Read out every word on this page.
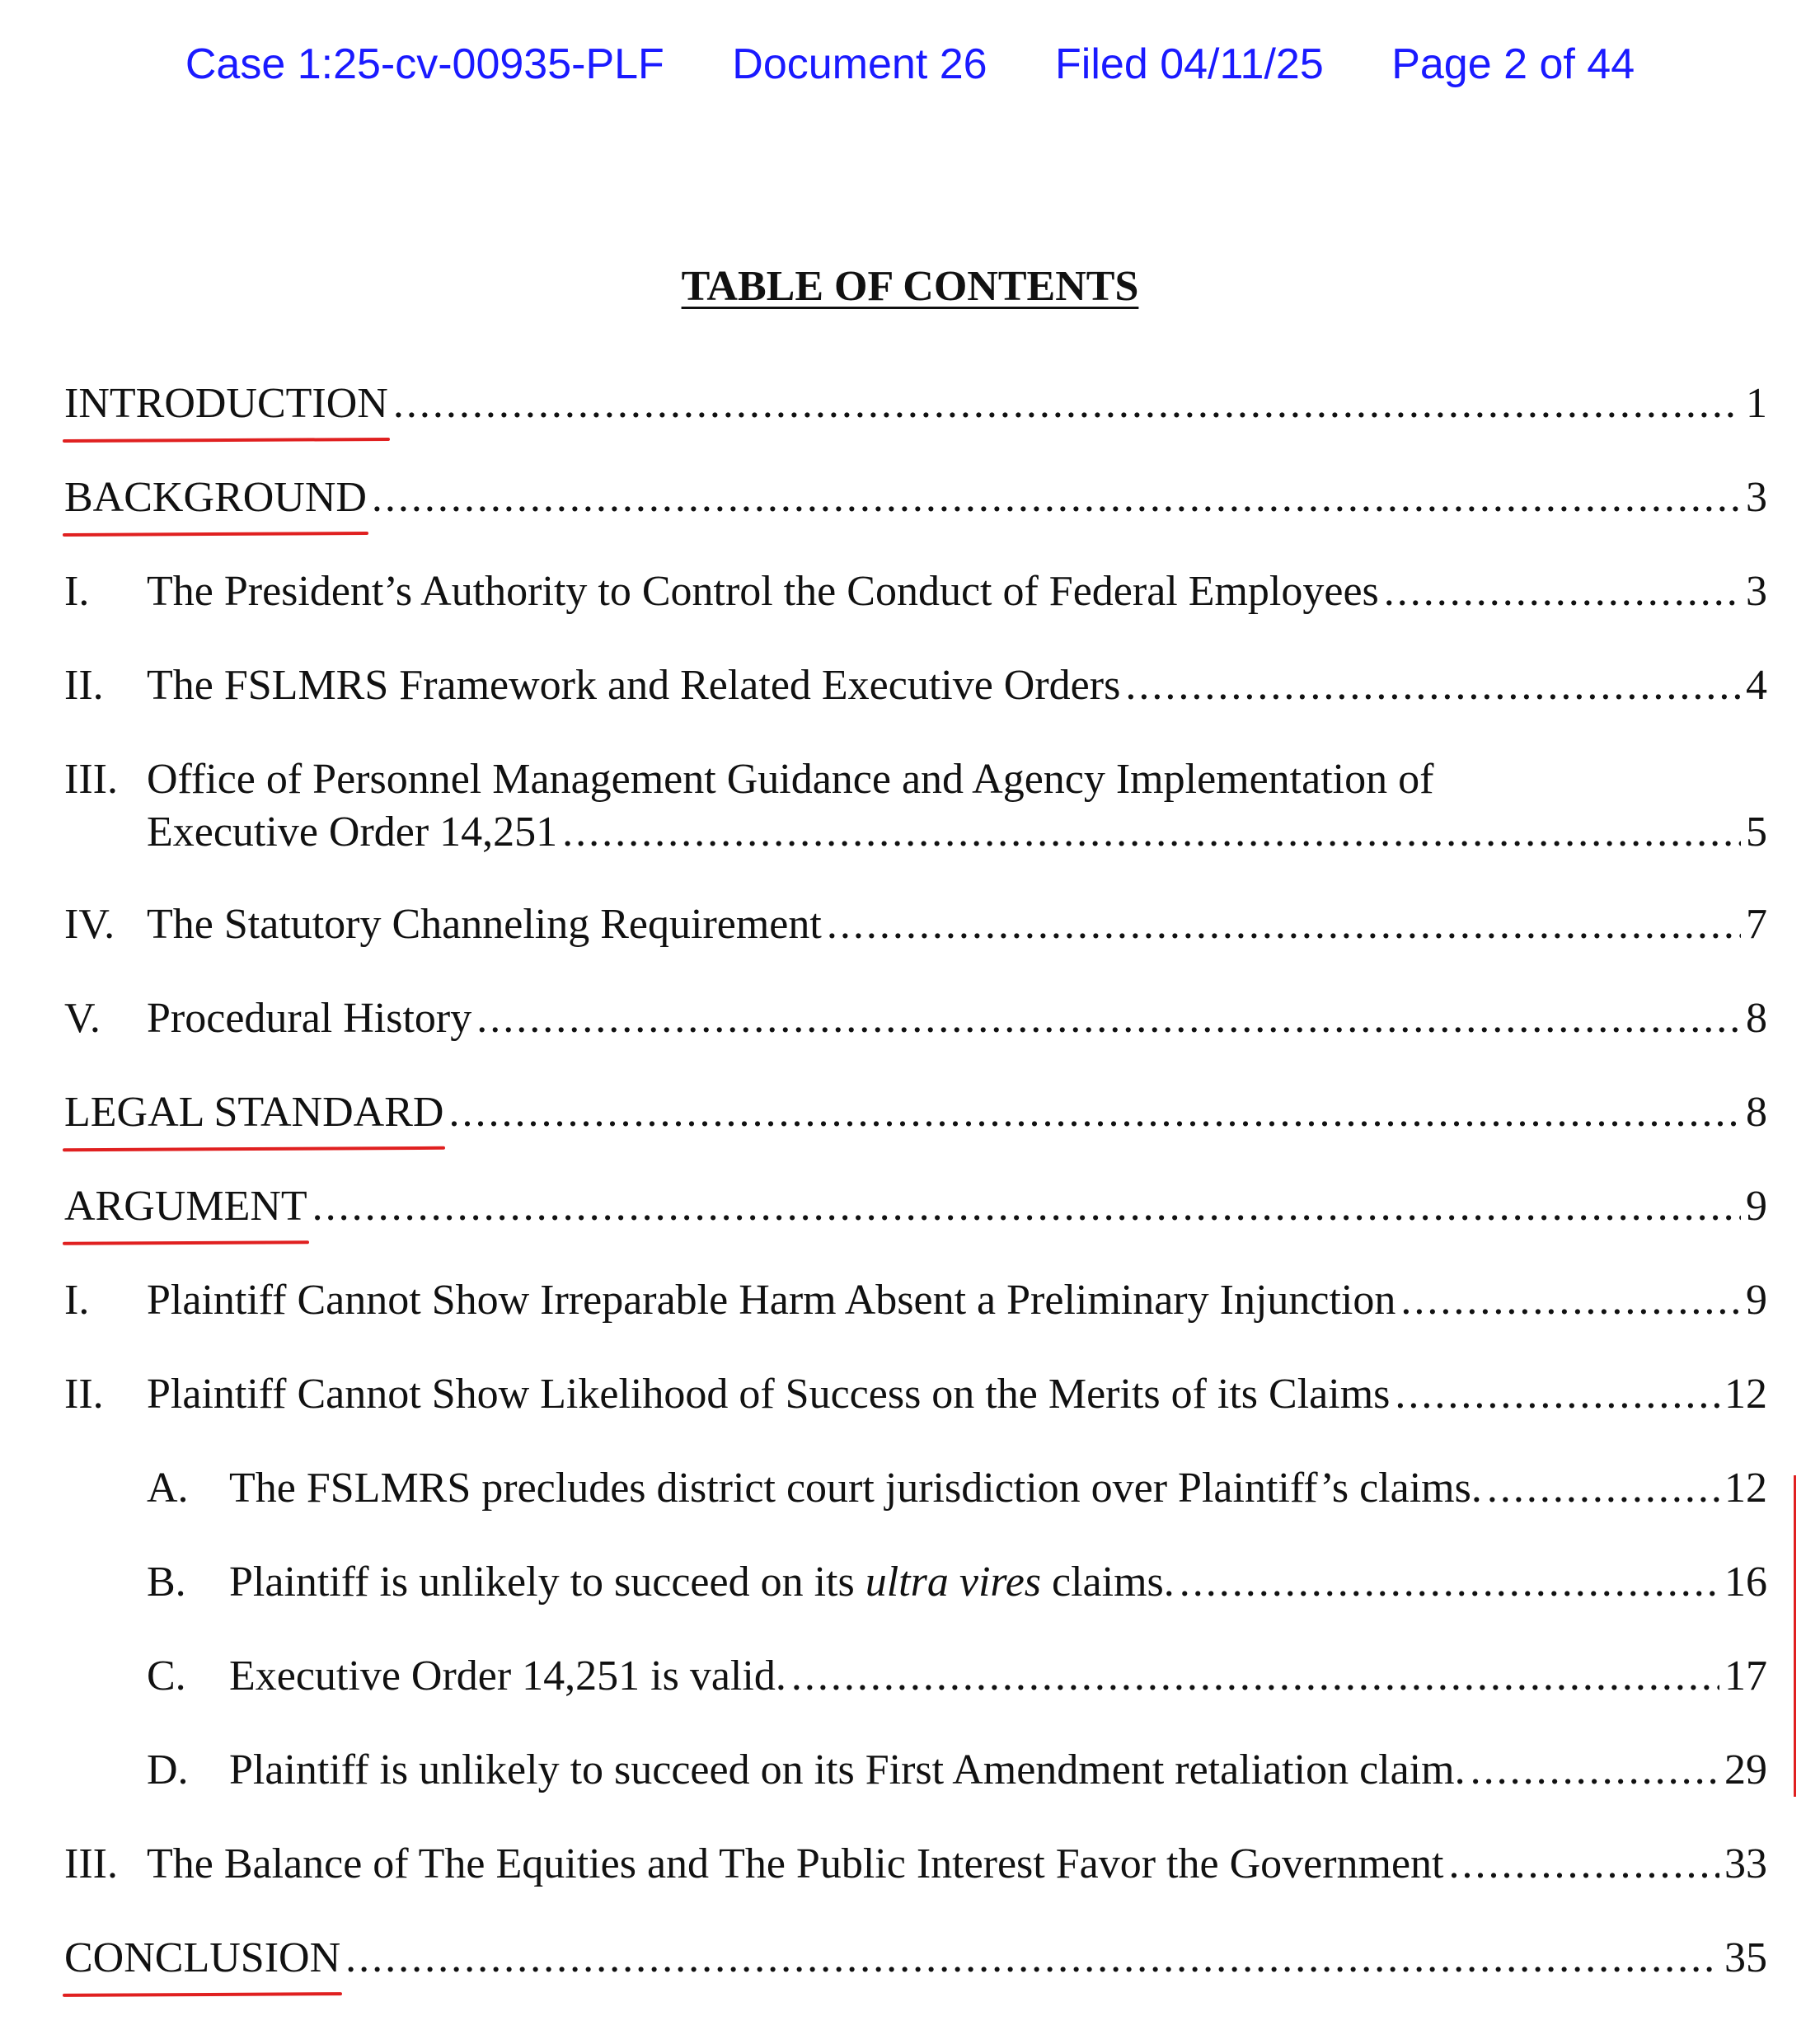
Case 1:25-cv-00935-PLF Document 26 Filed 04/11/25 Page 2 of 44
TABLE OF CONTENTS
INTRODUCTION .....	1
BACKGROUND .....	3
I.	The President’s Authority to Control the Conduct of Federal Employees .....	3
II.	The FSLMRS Framework and Related Executive Orders .....	4
III. Office of Personnel Management Guidance and Agency Implementation of
Executive Order 14,251 .....	5
IV. The Statutory Channeling Requirement .....	7
V.	Procedural History .....	8
LEGAL STANDARD .....	8
ARGUMENT .....	9
I.	Plaintiff Cannot Show Irreparable Harm Absent a Preliminary Injunction .....	9
II.	Plaintiff Cannot Show Likelihood of Success on the Merits of its Claims .....	12
A. The FSLMRS precludes district court jurisdiction over Plaintiff’s claims. .....	12
B.	Plaintiff is unlikely to succeed on its ultra vires claims. .....	16
C.	Executive Order 14,251 is valid. .....	17
D. Plaintiff is unlikely to succeed on its First Amendment retaliation claim. .....	29
III. The Balance of The Equities and The Public Interest Favor the Government .....	33
CONCLUSION .....	35
